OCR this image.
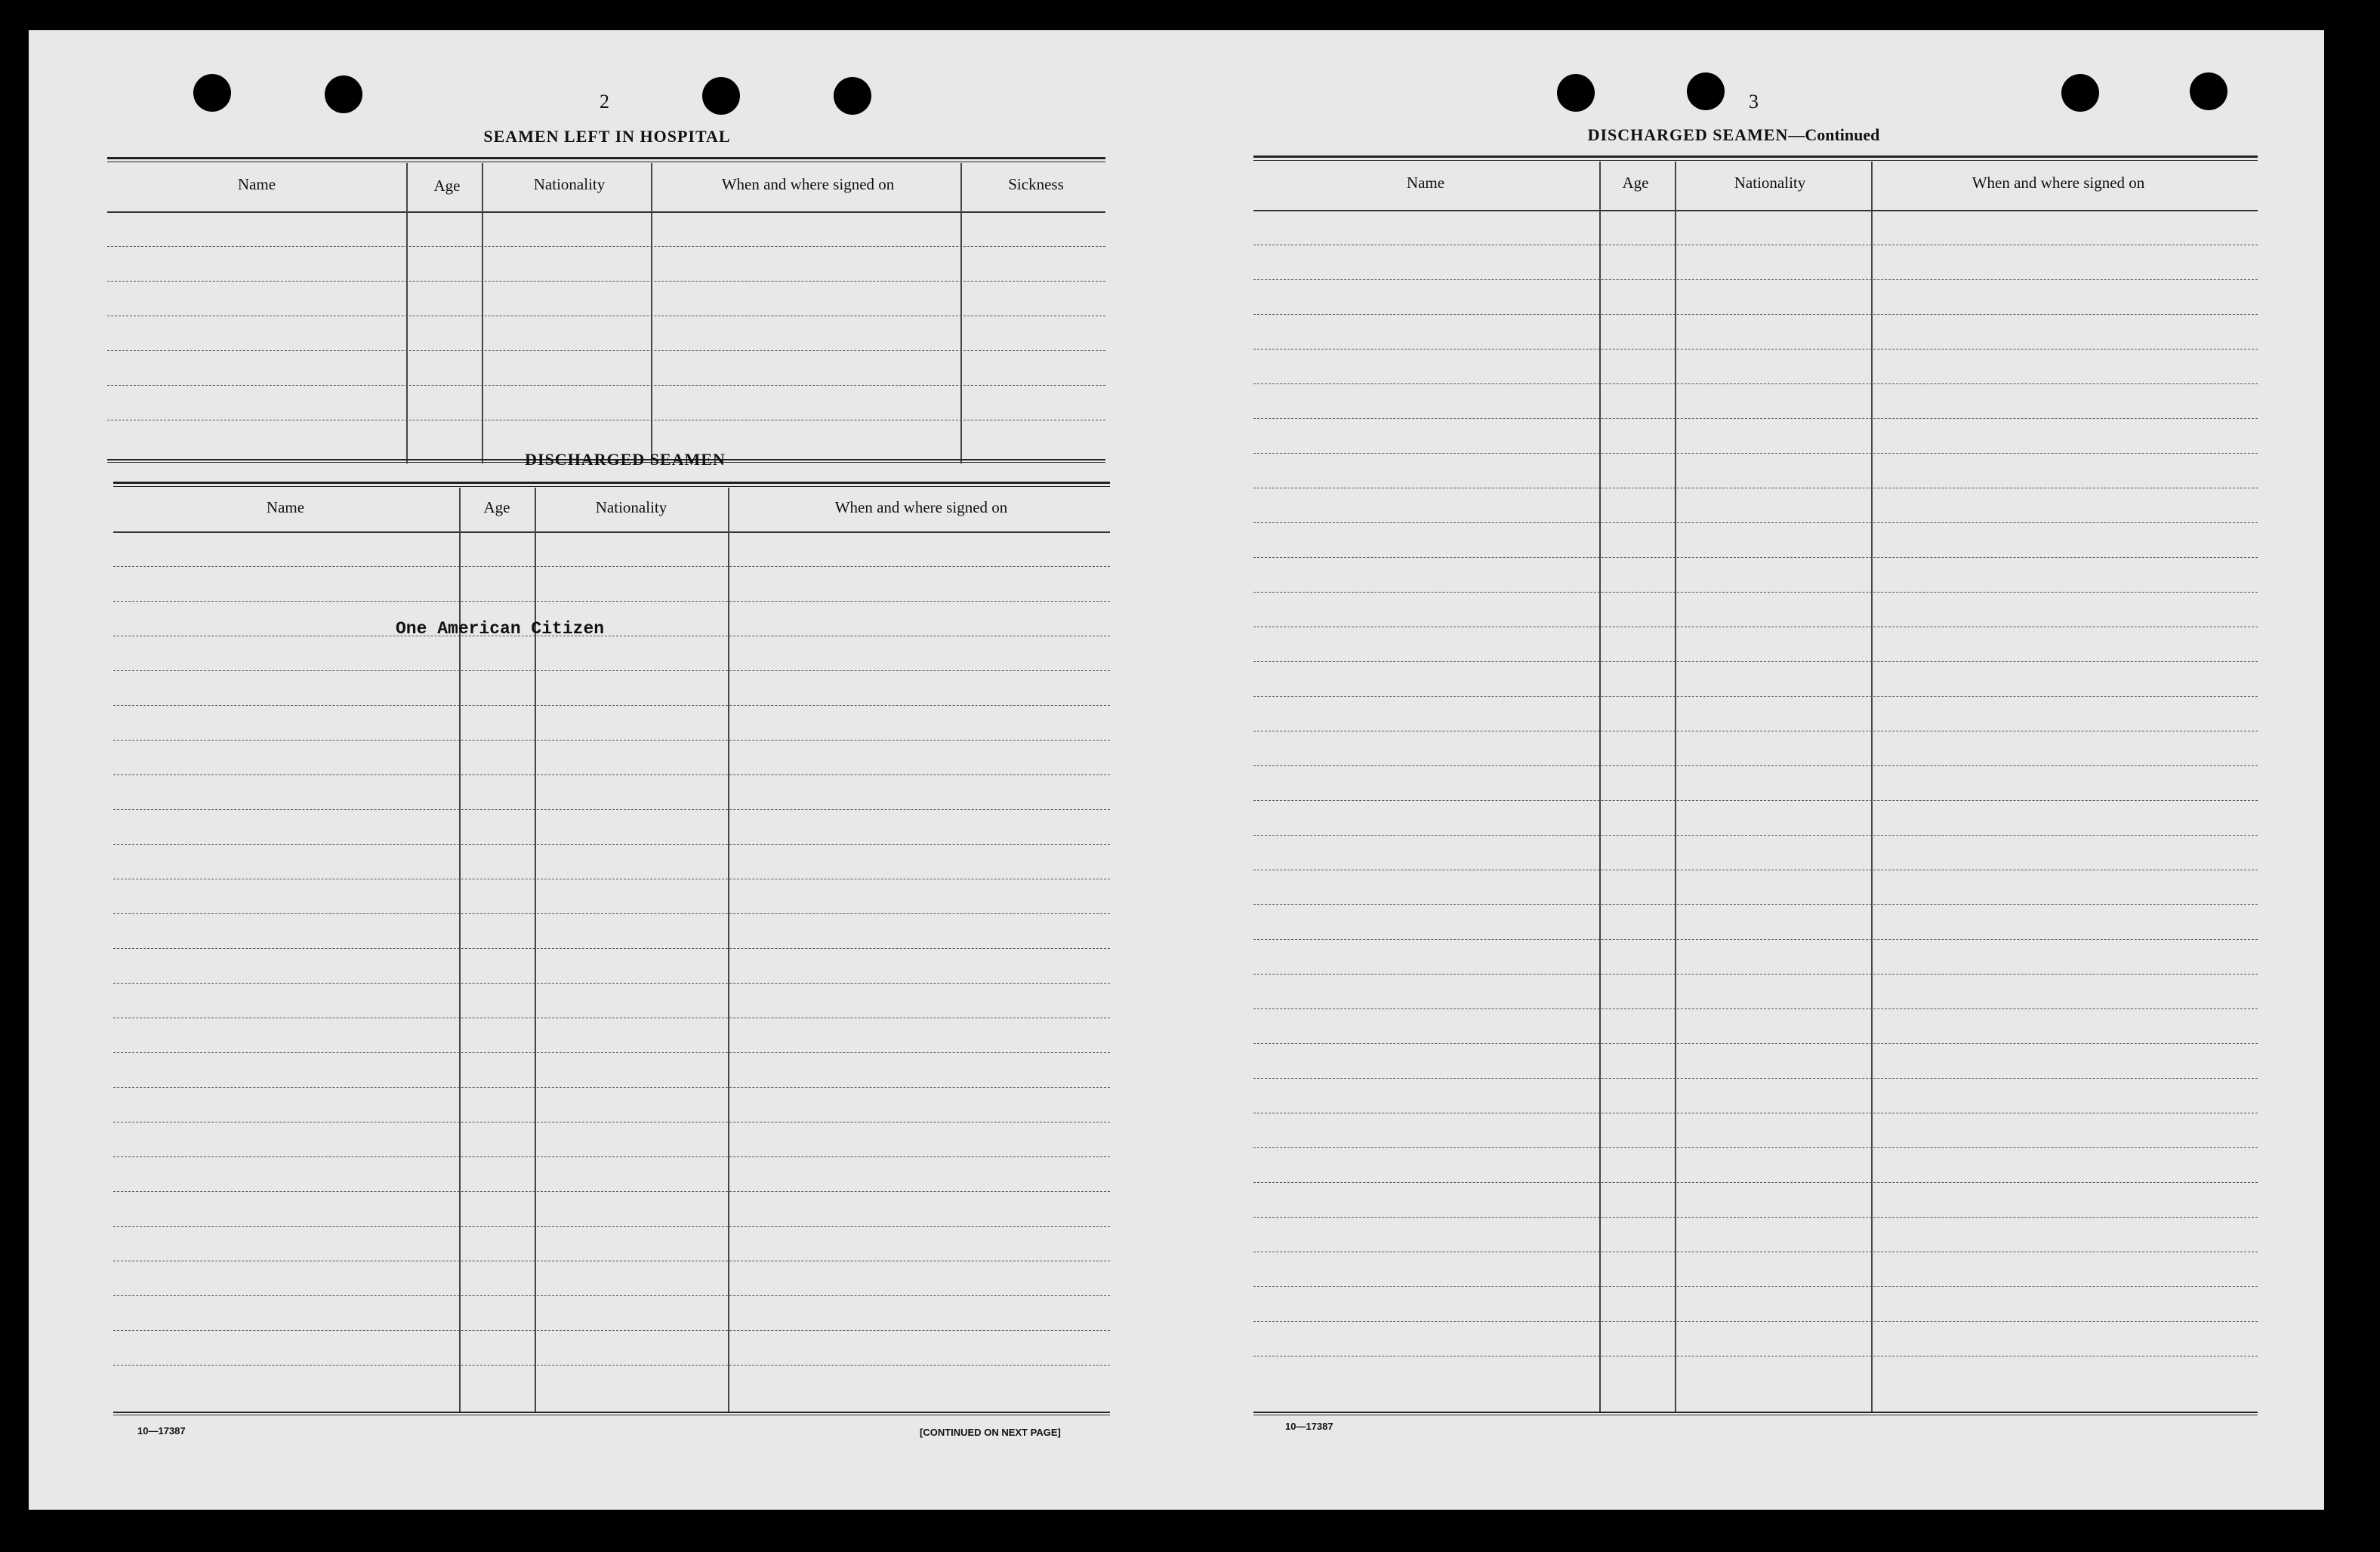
2
SEAMEN LEFT IN HOSPITAL
Name	Age	Nationality	When and where signed on	Sickness
DISCHARGED SEAMEN
Name	Age	Nationality	When and where signed on
One American Citizen
10—17387	[CONTINUED ON NEXT PAGE]
3
DISCHARGED SEAMEN—Continued
Name	Age	Nationality	When and where signed on
10—17387
